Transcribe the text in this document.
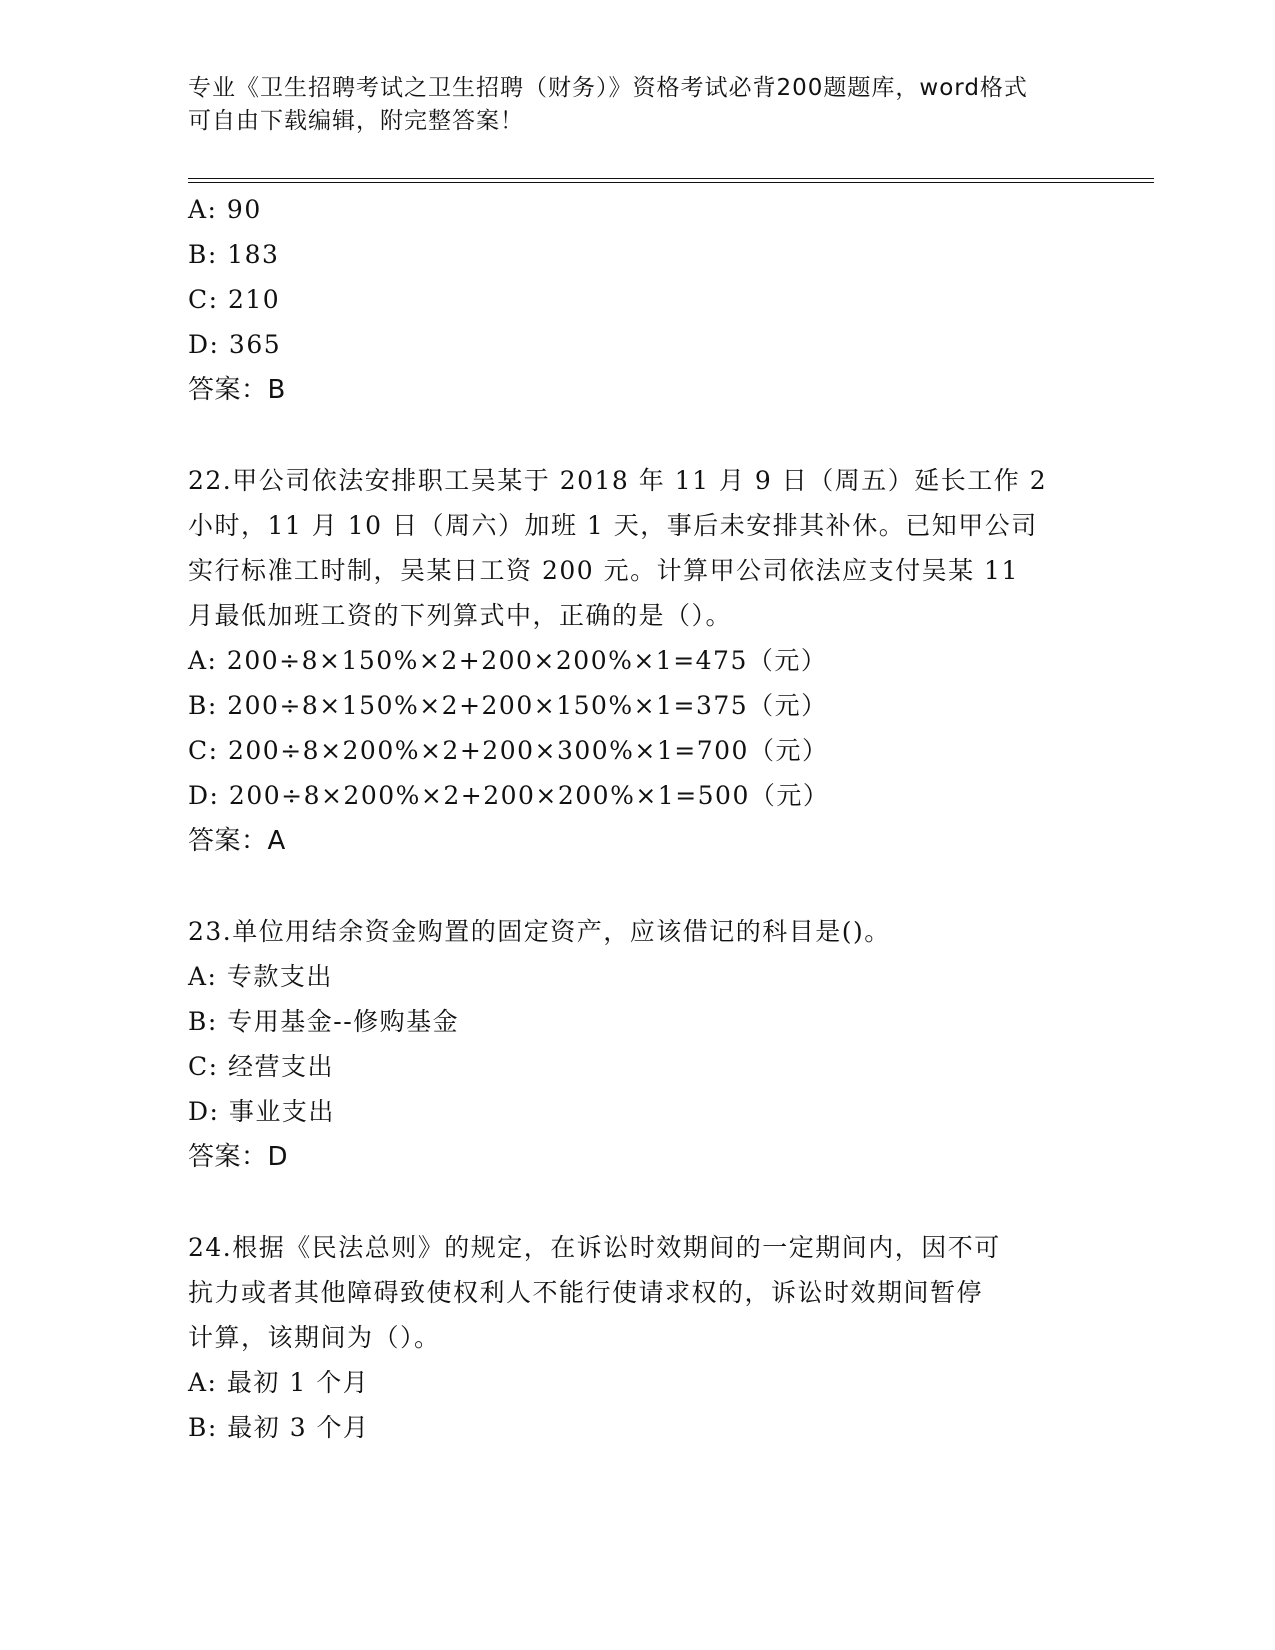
专业《卫生招聘考试之卫生招聘（财务）》资格考试必背200题题库，word格式
可自由下载编辑，附完整答案！
A: 90
B: 183
C: 210
D: 365
答案：B
22.甲公司依法安排职工吴某于 2018 年 11 月 9 日（周五）延长工作 2
小时，11 月 10 日（周六）加班 1 天，事后未安排其补休。已知甲公司
实行标准工时制，吴某日工资 200 元。计算甲公司依法应支付吴某 11
月最低加班工资的下列算式中，正确的是（）。
A: 200÷8×150%×2+200×200%×1=475（元）
B: 200÷8×150%×2+200×150%×1=375（元）
C: 200÷8×200%×2+200×300%×1=700（元）
D: 200÷8×200%×2+200×200%×1=500（元）
答案：A
23.单位用结余资金购置的固定资产，应该借记的科目是()。
A: 专款支出
B: 专用基金--修购基金
C: 经营支出
D: 事业支出
答案：D
24.根据《民法总则》的规定，在诉讼时效期间的一定期间内，因不可
抗力或者其他障碍致使权利人不能行使请求权的，诉讼时效期间暂停
计算，该期间为（）。
A: 最初 1 个月
B: 最初 3 个月
